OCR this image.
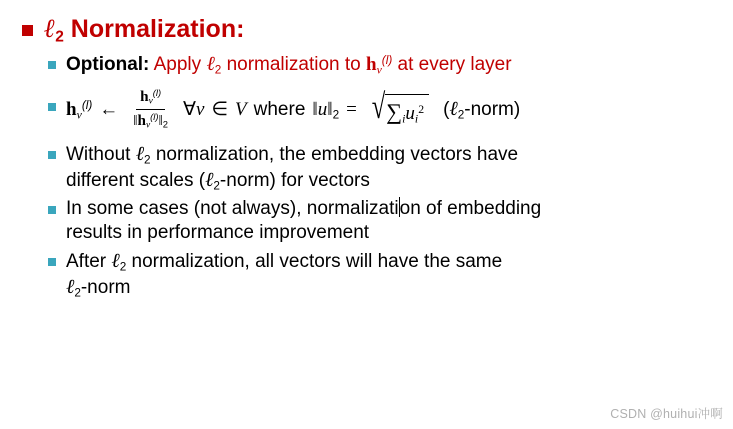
ℓ$_2$ Normalization:
Optional: Apply ℓ$_2$ normalization to $h_v^{(l)}$ at every layer
$h_v^{(l)}$ ← $\frac{h_v^{(l)}}{‖h_v^{(l)}‖_2}$ ∀ v ∈ V where $‖u‖_2$ = √ $\sum_iu_i^2$ (ℓ$_2$-norm)
Without ℓ$_2$ normalization, the embedding vectors have
different scales (ℓ$_2$-norm) for vectors
In some cases (not always), normalization of embedding
results in performance improvement
After ℓ$_2$ normalization, all vectors will have the same
ℓ$_2$-norm
CSDN @huihui冲啊
